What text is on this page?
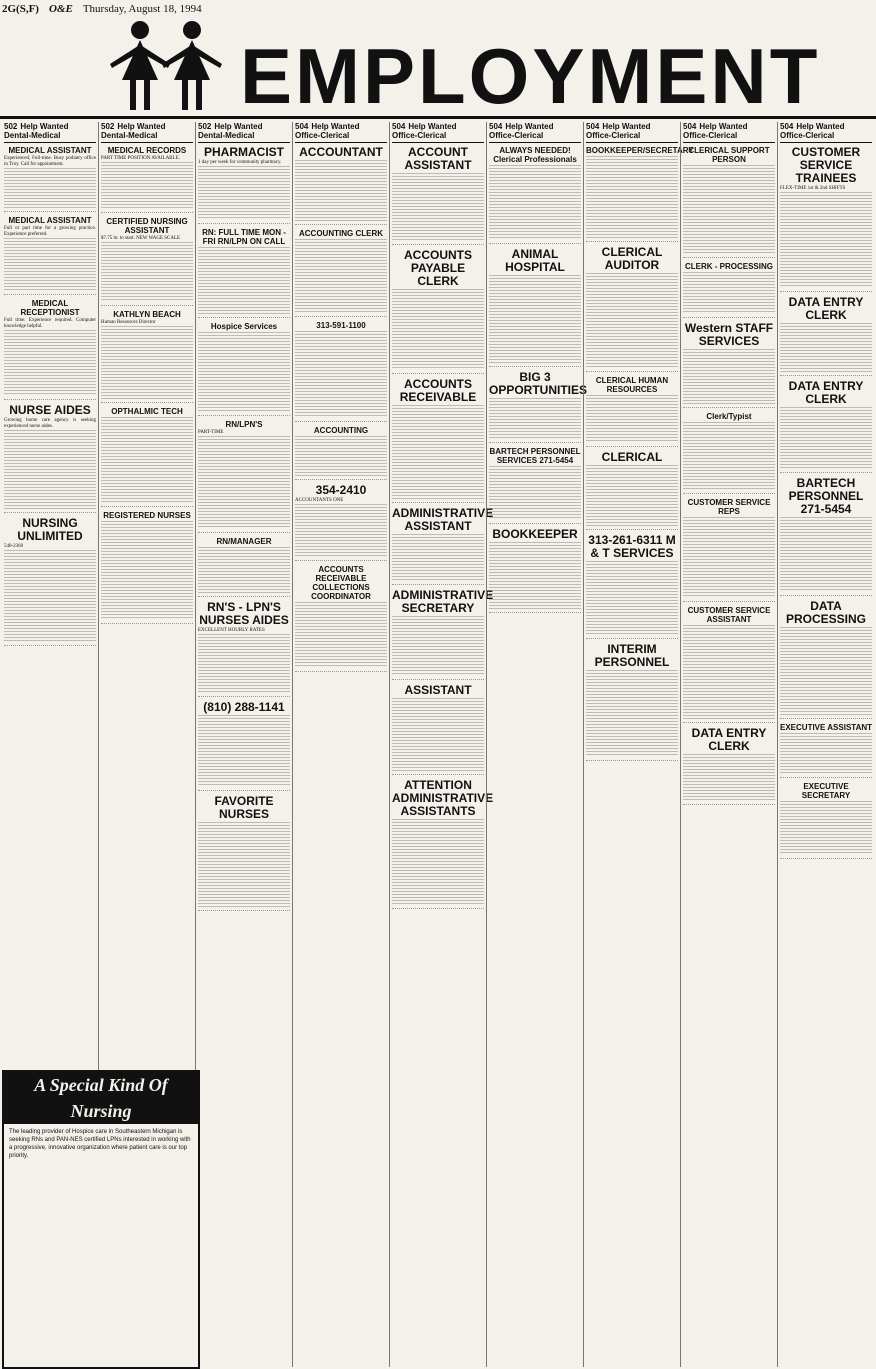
2G(S,F) O&E Thursday, August 18, 1994
EMPLOYMENT
502 Help Wanted Dental-Medical
MEDICAL ASSISTANT
Experienced, Full-time. Busy podiatry office in Troy. Call for appointment.
MEDICAL ASSISTANT
Full or part time for a growing practice. Experience preferred.
MEDICAL RECEPTIONIST
Full time. Experience required. Computer knowledge helpful.
NURSE AIDES
Growing home care agency is seeking experienced nurse aides.
NURSING UNLIMITED
540-2360
502 Help Wanted Dental-Medical
MEDICAL RECORDS
PART TIME POSITION AVAILABLE.
CERTIFIED NURSING ASSISTANT
$7.75 hr. to start. NEW WAGE SCALE
KATHLYN BEACH
Human Resources Director
OPTHALMIC TECH
REGISTERED NURSES
502 Help Wanted Dental-Medical
PHARMACIST
1 day per week for community pharmacy.
RN: FULL TIME MON - FRI RN/LPN ON CALL
Hospice Services
RN/LPN'S
PART-TIME
RN/MANAGER
RN'S - LPN'S NURSES AIDES
EXCELLENT HOURLY RATES
(810) 288-1141
FAVORITE NURSES
504 Help Wanted Office-Clerical
ACCOUNTANT
ACCOUNTING CLERK
313-591-1100
ACCOUNTING
354-2410
ACCOUNTANTS ONE
ACCOUNTS RECEIVABLE COLLECTIONS COORDINATOR
504 Help Wanted Office-Clerical
ACCOUNT ASSISTANT
ACCOUNTS PAYABLE CLERK
ACCOUNTS RECEIVABLE
ADMINISTRATIVE ASSISTANT
ADMINISTRATIVE SECRETARY
ASSISTANT
ATTENTION ADMINISTRATIVE ASSISTANTS
504 Help Wanted Office-Clerical
ALWAYS NEEDED! Clerical Professionals
ANIMAL HOSPITAL
BIG 3 OPPORTUNITIES
BARTECH PERSONNEL SERVICES 271-5454
BOOKKEEPER
504 Help Wanted Office-Clerical
BOOKKEEPER/SECRETARY
CLERICAL AUDITOR
CLERICAL HUMAN RESOURCES
CLERICAL
313-261-6311 M & T SERVICES
INTERIM PERSONNEL
504 Help Wanted Office-Clerical
CLERICAL SUPPORT PERSON
CLERK - PROCESSING
Western STAFF SERVICES
Clerk/Typist
CUSTOMER SERVICE REPS
CUSTOMER SERVICE ASSISTANT
DATA ENTRY CLERK
504 Help Wanted Office-Clerical
CUSTOMER SERVICE TRAINEES
FLEX-TIME 1st & 2nd SHIFTS
DATA ENTRY CLERK
DATA ENTRY CLERK
BARTECH PERSONNEL 271-5454
DATA PROCESSING
EXECUTIVE ASSISTANT
EXECUTIVE SECRETARY
A Special Kind Of Nursing
The leading provider of Hospice care in Southeastern Michigan is seeking RNs and PAN-NES certified LPNs interested in working with a progressive, innovative organization where patient care is our top priority.
